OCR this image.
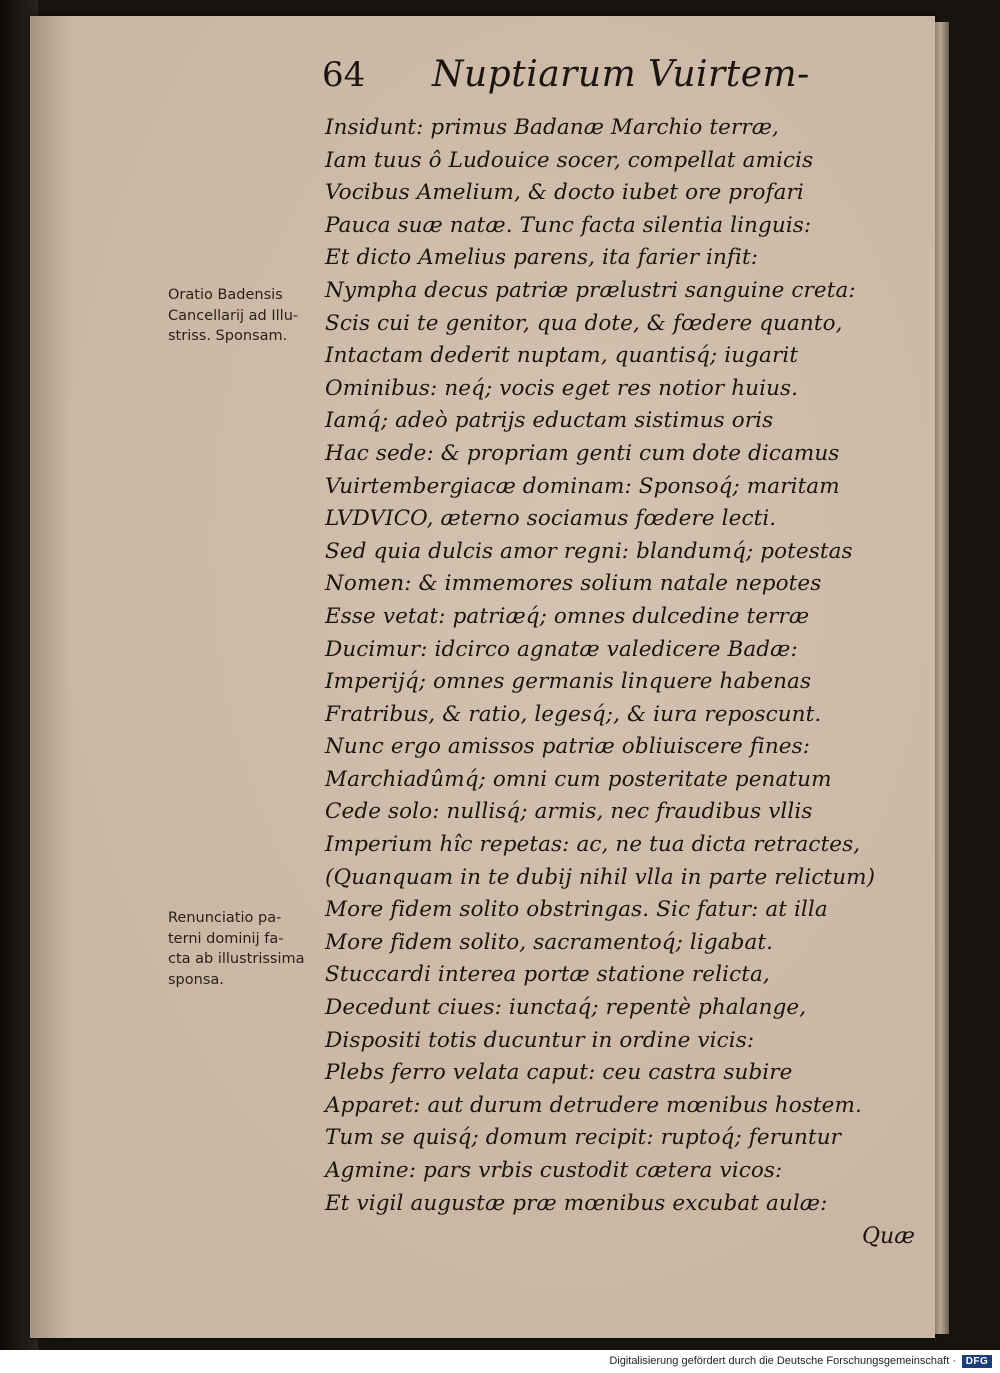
64 Nuptiarum Vuirtem-
Insidunt: primus Badanæ Marchio terræ,
Iam tuus ô Ludouice socer, compellat amicis
Vocibus Amelium, & docto iubet ore profari
Pauca suæ natæ. Tunc facta silentia linguis:
Et dicto Amelius parens, ita farier infit:
Nympha decus patriæ prælustri sanguine creta:
Scis cui te genitor, qua dote, & fœdere quanto,
Intactam dederit nuptam, quantisq́; iugarit
Ominibus: neq́; vocis eget res notior huius.
Iamq́; adeò patrijs eductam sistimus oris
Hac sede: & propriam genti cum dote dicamus
Vuirtembergiacæ dominam: Sponsoq́; maritam
LVDVICO, æterno sociamus fœdere lecti.
Sed quia dulcis amor regni: blandumq́; potestas
Nomen: & immemores solium natale nepotes
Esse vetat: patriæq́; omnes dulcedine terræ
Ducimur: idcirco agnatæ valedicere Badæ:
Imperijq́; omnes germanis linquere habenas
Fratribus, & ratio, legesq́;, & iura reposcunt.
Nunc ergo amissos patriæ obliuiscere fines:
Marchiadûmq́; omni cum posteritate penatum
Cede solo: nullisq́; armis, nec fraudibus vllis
Imperium hîc repetas: ac, ne tua dicta retractes,
(Quanquam in te dubij nihil vlla in parte relictum)
More fidem solito obstringas. Sic fatur: at illa
More fidem solito, sacramentoq́; ligabat.
Stuccardi interea portæ statione relicta,
Decedunt ciues: iunctaq́; repentè phalange,
Dispositi totis ducuntur in ordine vicis:
Plebs ferro velata caput: ceu castra subire
Apparet: aut durum detrudere mœnibus hostem.
Tum se quisq́; domum recipit: ruptoq́; feruntur
Agmine: pars vrbis custodit cætera vicos:
Et vigil augustæ præ mœnibus excubat aulæ:
Oratio Badensis
Cancellarij ad Illu-
striss. Sponsam.
Renunciatio pa-
terni dominij fa-
cta ab illustrissima
sponsa.
Quæ
Digitalisierung gefördert durch die Deutsche Forschungsgemeinschaft · DFG
